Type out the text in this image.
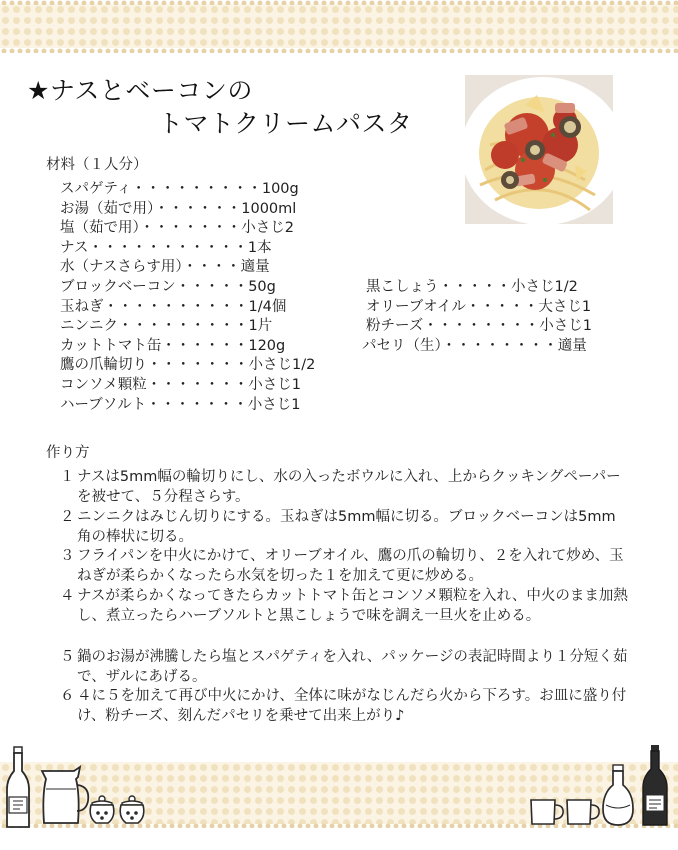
★ナスとベーコンの
トマトクリームパスタ
材料（１人分）
スパゲティ・・・・・・・・・100g
お湯（茹で用）・・・・・・1000ml
塩（茹で用）・・・・・・・小さじ2
ナス・・・・・・・・・・・1本
水（ナスさらす用）・・・・適量
ブロックベーコン・・・・・50g
玉ねぎ・・・・・・・・・・1/4個
ニンニク・・・・・・・・・1片
カットトマト缶・・・・・・120g
鷹の爪輪切り・・・・・・・小さじ1/2
コンソメ顆粒・・・・・・・小さじ1
ハーブソルト・・・・・・・小さじ1
黒こしょう・・・・・小さじ1/2
オリーブオイル・・・・・大さじ1
粉チーズ・・・・・・・・小さじ1
パセリ（生）・・・・・・・・適量
作り方
１ ナスは5mm幅の輪切りにし、水の入ったボウルに入れ、上からクッキングペーパーを被せて、５分程さらす。
２ ニンニクはみじん切りにする。玉ねぎは5mm幅に切る。ブロックベーコンは5mm角の棒状に切る。
３ フライパンを中火にかけて、オリーブオイル、鷹の爪の輪切り、２を入れて炒め、玉ねぎが柔らかくなったら水気を切った１を加えて更に炒める。
４ ナスが柔らかくなってきたらカットトマト缶とコンソメ顆粒を入れ、中火のまま加熱し、煮立ったらハーブソルトと黒こしょうで味を調え一旦火を止める。
５ 鍋のお湯が沸騰したら塩とスパゲティを入れ、パッケージの表記時間より１分短く茹で、ザルにあげる。
６ ４に５を加えて再び中火にかけ、全体に味がなじんだら火から下ろす。お皿に盛り付け、粉チーズ、刻んだパセリを乗せて出来上がり♪
